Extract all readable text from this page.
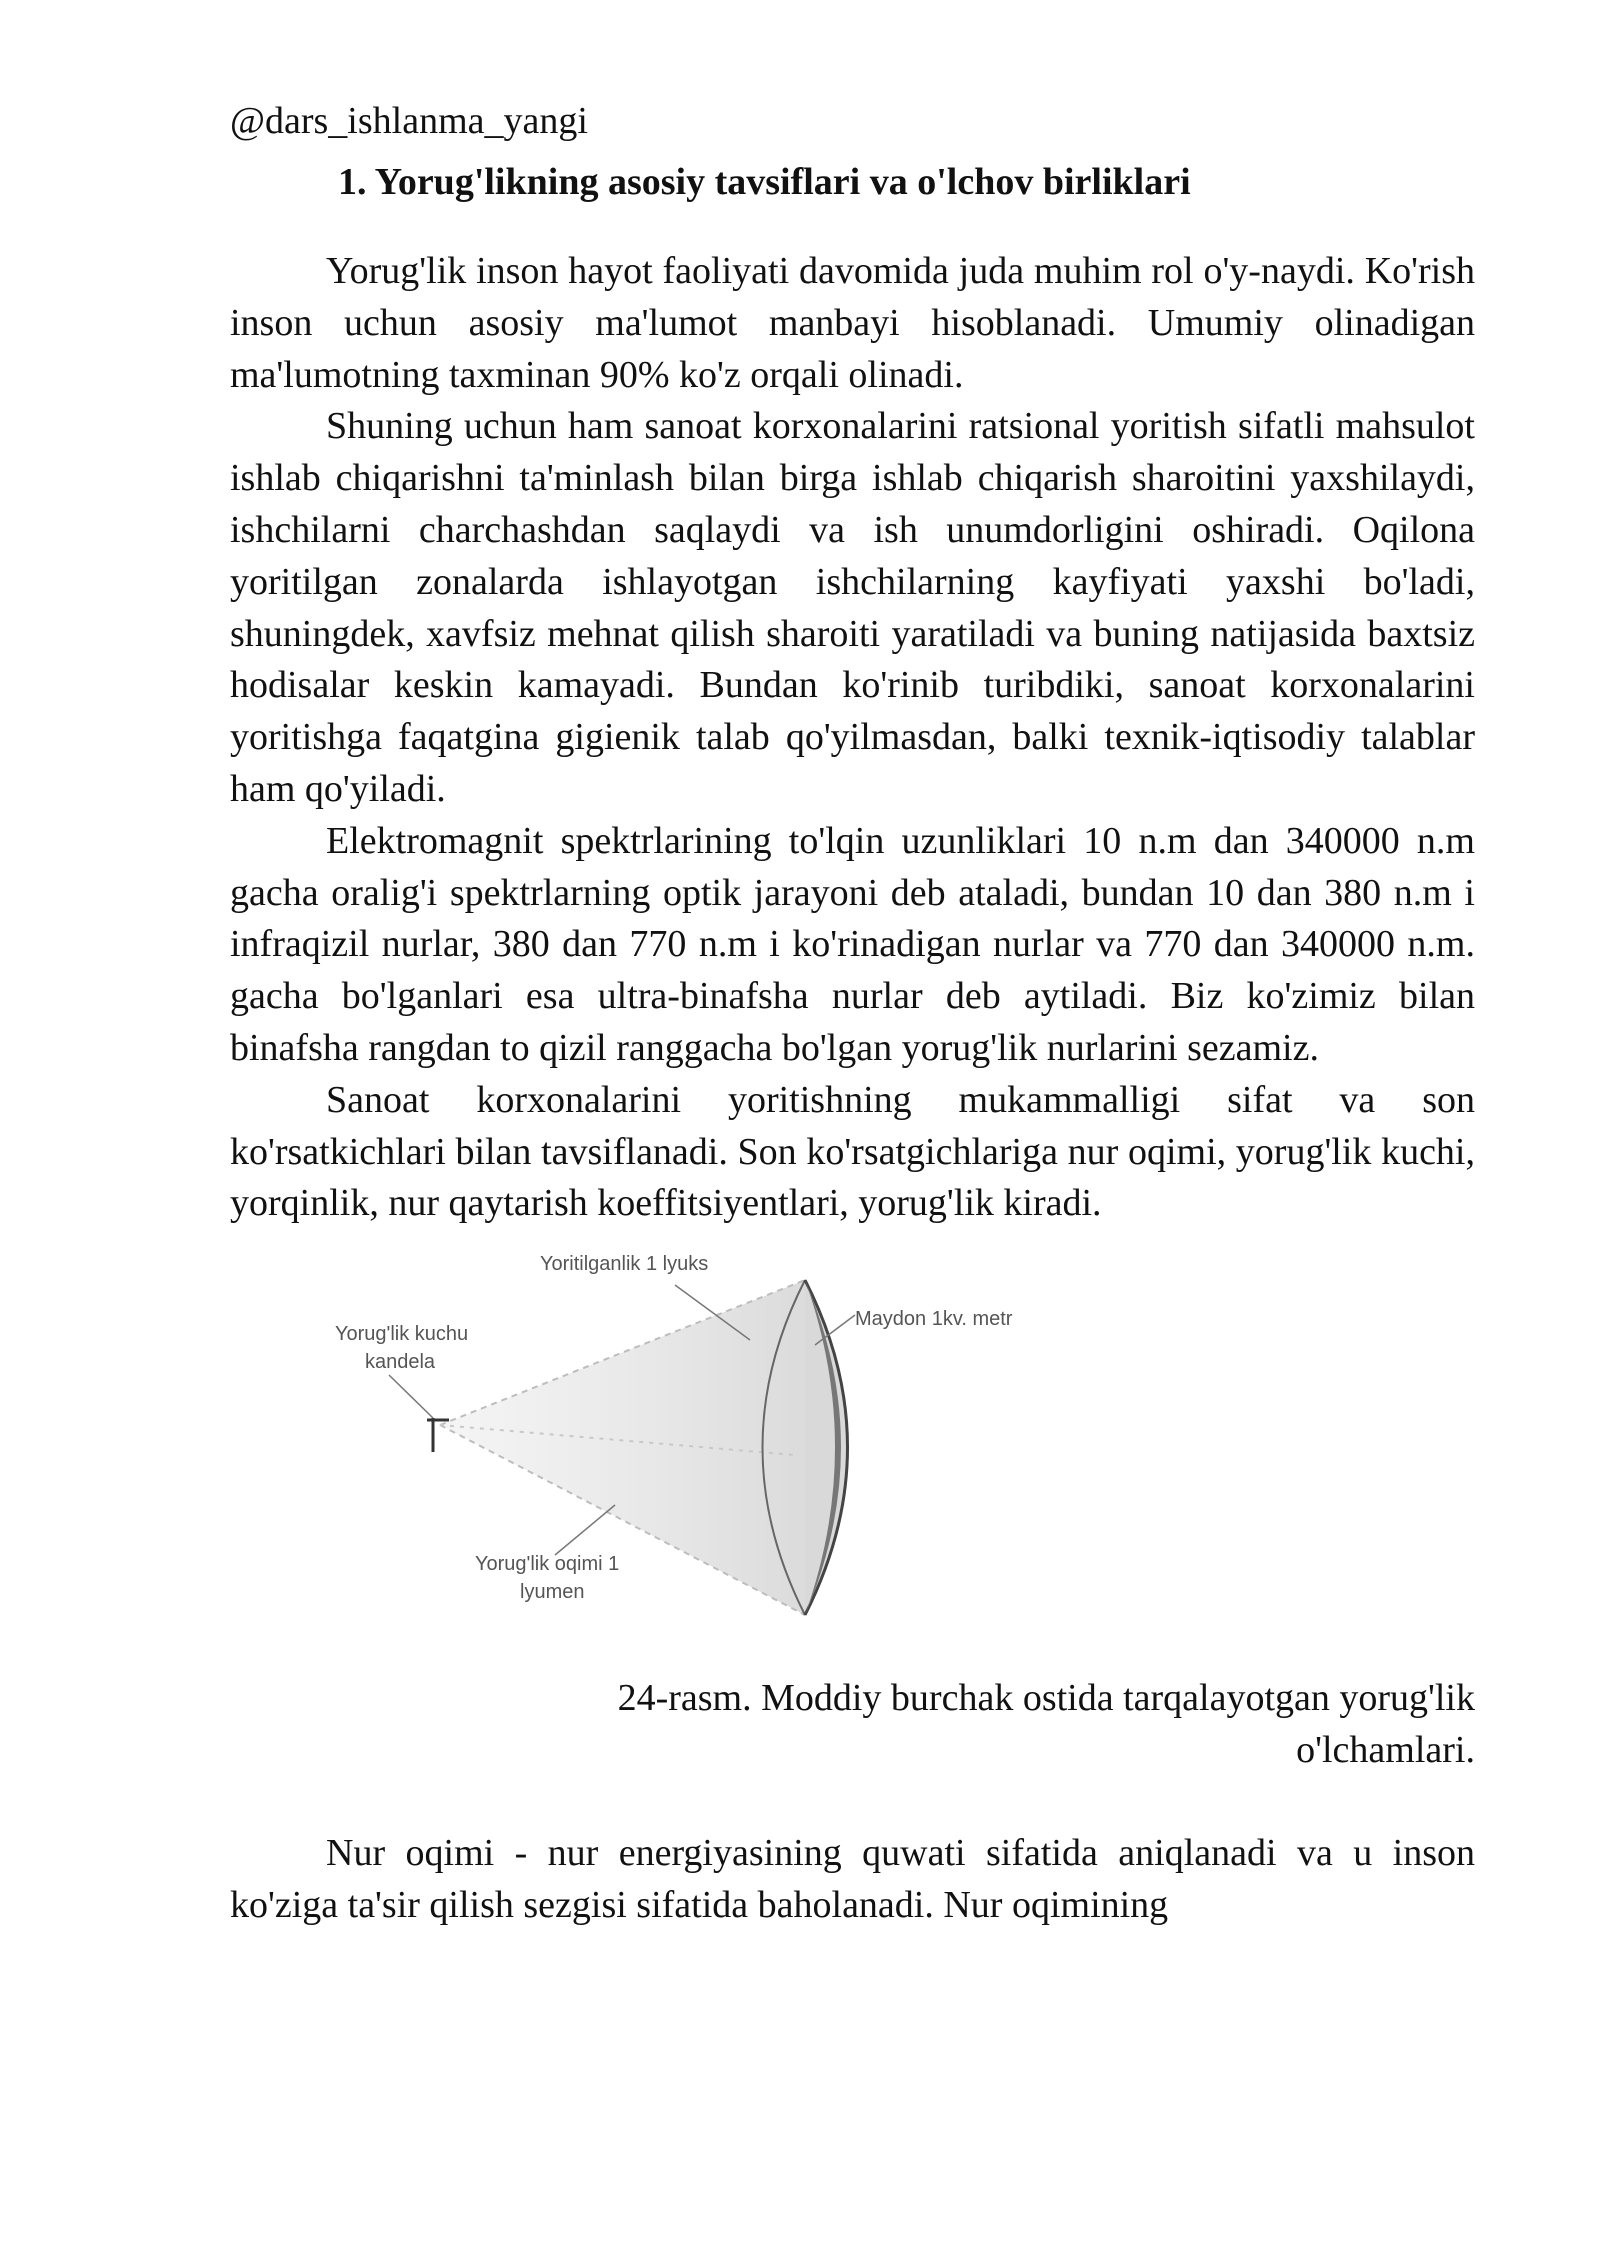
@dars_ishlanma_yangi
1. Yorug'likning asosiy tavsiflari va o'lchov birliklari

Yorug'lik inson hayot faoliyati davomida juda muhim rol o'y-naydi. Ko'rish inson uchun asosiy ma'lumot manbayi hisoblanadi. Umumiy olinadigan ma'lumotning taxminan 90% ko'z orqali olinadi.

Shuning uchun ham sanoat korxonalarini ratsional yoritish sifatli mahsulot ishlab chiqarishni ta'minlash bilan birga ishlab chiqarish sharoitini yaxshilaydi, ishchilarni charchashdan saqlaydi va ish unumdorligini oshiradi. Oqilona yoritilgan zonalarda ishlayotgan ishchilarning kayfiyati yaxshi bo'ladi, shuningdek, xavfsiz mehnat qilish sharoiti yaratiladi va buning natijasida baxtsiz hodisalar keskin kamayadi. Bundan ko'rinib turibdiki, sanoat korxonalarini yoritishga faqatgina gigienik talab qo'yilmasdan, balki texnik-iqtisodiy talablar ham qo'yiladi.

Elektromagnit spektrlarining to'lqin uzunliklari 10 n.m dan 340000 n.m gacha oralig'i spektrlarning optik jarayoni deb ataladi, bundan 10 dan 380 n.m i infraqizil nurlar, 380 dan 770 n.m i ko'rinadigan nurlar va 770 dan 340000 n.m. gacha bo'lganlari esa ultra-binafsha nurlar deb aytiladi. Biz ko'zimiz bilan binafsha rangdan to qizil ranggacha bo'lgan yorug'lik nurlarini sezamiz.

Sanoat korxonalarini yoritishning mukammalligi sifat va son ko'rsatkichlari bilan tavsiflanadi. Son ko'rsatgichlariga nur oqimi, yorug'lik kuchi, yorqinlik, nur qaytarish koeffitsiyentlari, yorug'lik kiradi.

Yoritilganlik 1 lyuks
Maydon 1kv. metr
Yorug'lik kuchu
kandela
Yorug'lik oqimi 1
lyumen

24-rasm. Moddiy burchak ostida tarqalayotgan yorug'lik o'lchamlari.

Nur oqimi - nur energiyasining quwati sifatida aniqlanadi va u inson ko'ziga ta'sir qilish sezgisi sifatida baholanadi. Nur oqimining
